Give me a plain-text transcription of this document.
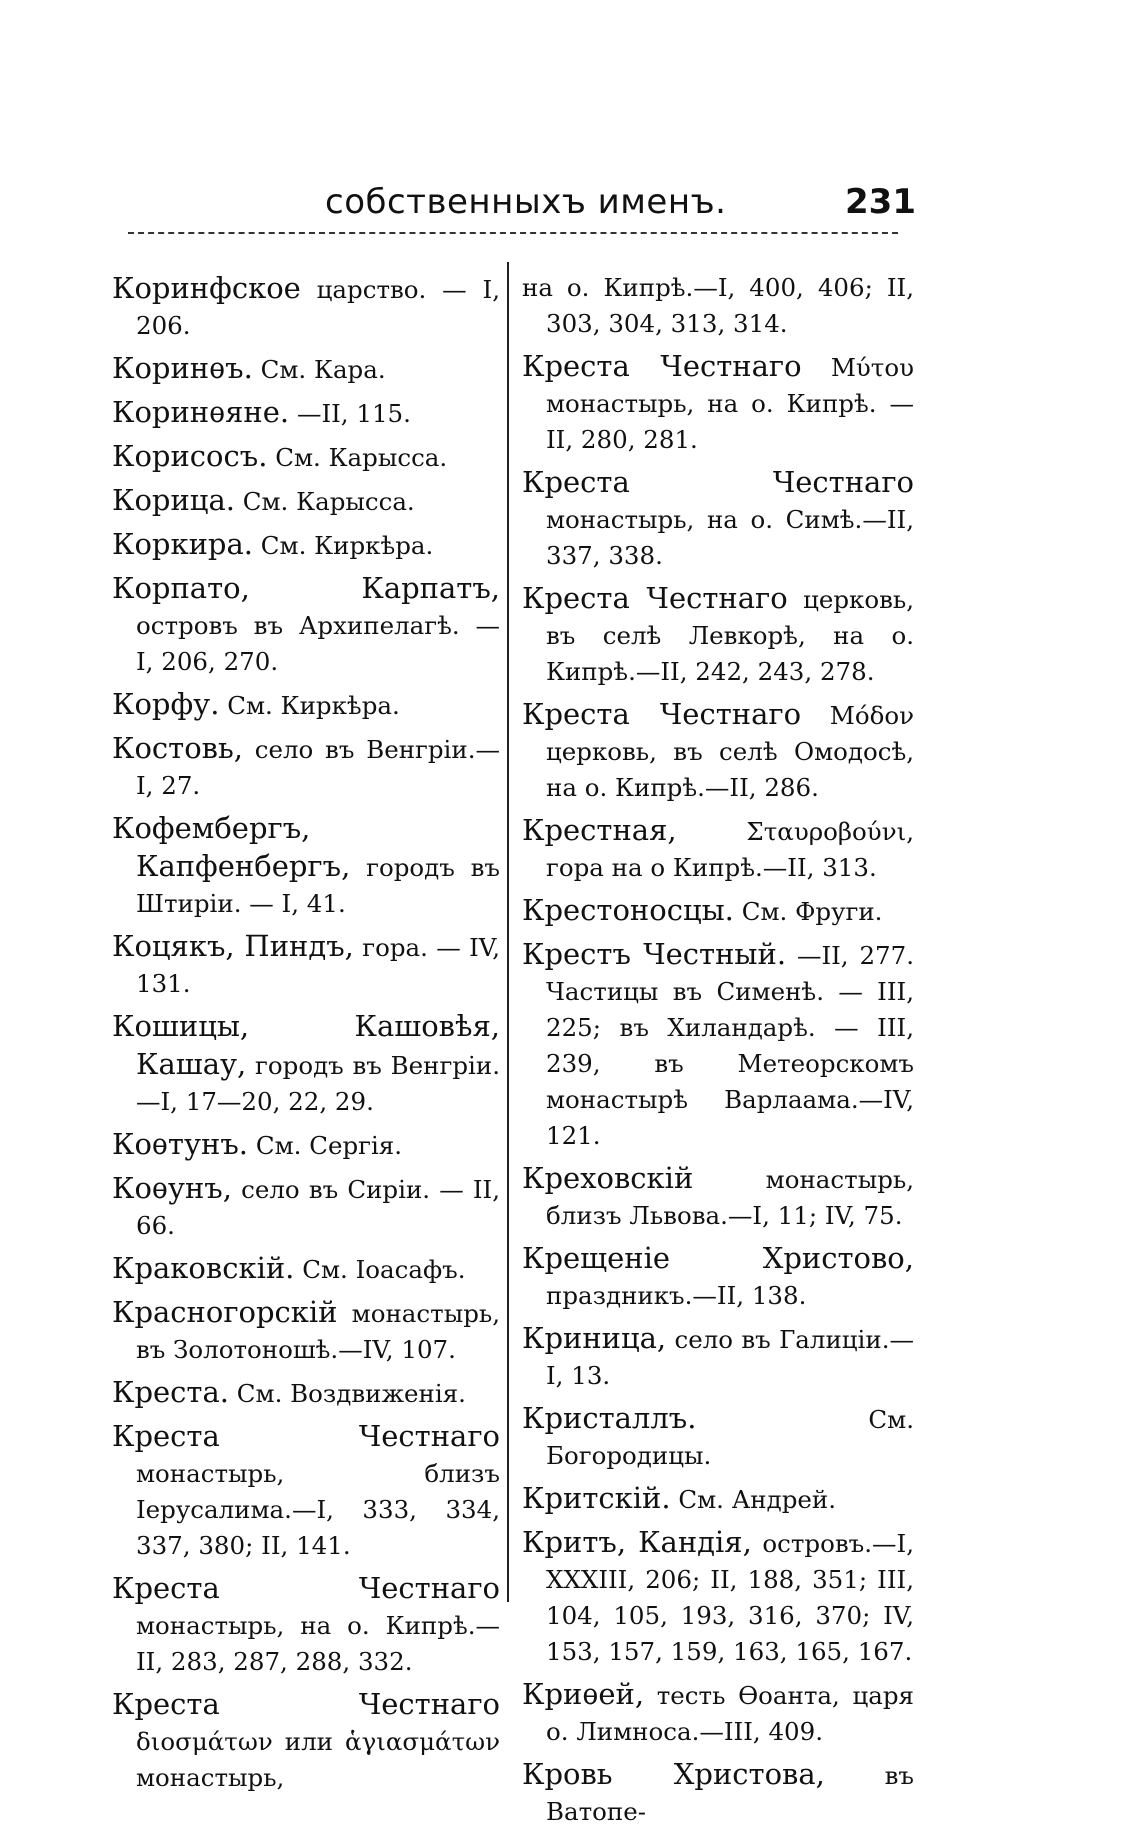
собственныхъ именъ.	231

Коринфское царство. — I, 206.

Коринѳъ. См. Кара.

Коринѳяне. —II, 115.

Корисосъ. См. Карысса.

Корица. См. Карысса.

Коркира. См. Киркѣра.

Корпато, Карпатъ, островъ въ Архипелагѣ. — I, 206, 270.

Корфу. См. Киркѣра.

Костовь, село въ Венгріи.— I, 27.

Кофембергъ, Капфенбергъ, городъ въ Штиріи. — I, 41.

Коцякъ, Пиндъ, гора. — IV, 131.

Кошицы, Кашовѣя, Кашау, городъ въ Венгріи.—I, 17—20, 22, 29.

Коѳтунъ. См. Сергія.

Коѳунъ, село въ Сиріи. — II, 66.

Краковскій. См. Іоасафъ.

Красногорскій монастырь, въ Золотоношѣ.—IV, 107.

Креста. См. Воздвиженія.

Креста Честнаго монастырь, близъ Іерусалима.—I, 333, 334, 337, 380; II, 141.

Креста Честнаго монастырь, на о. Кипрѣ.—II, 283, 287, 288, 332.

Креста Честнаго διοσμάτων или ἁγιασμάτων монастырь,

на о. Кипрѣ.—I, 400, 406; II, 303, 304, 313, 314.

Креста Честнаго Μύτου монастырь, на о. Кипрѣ. — II, 280, 281.

Креста Честнаго монастырь, на о. Симѣ.—II, 337, 338.

Креста Честнаго церковь, въ селѣ Левкорѣ, на о. Кипрѣ.—II, 242, 243, 278.

Креста Честнаго Μόδον церковь, въ селѣ Омодосѣ, на о. Кипрѣ.—II, 286.

Крестная,	Σταυροβούνι, гора на о Кипрѣ.—II, 313.

Крестоносцы. См. Фруги.

Крестъ Честный. —II, 277. Частицы въ Сименѣ. — III, 225; въ Хиландарѣ. — III, 239, въ Метеорскомъ монастырѣ Варлаама.—IV, 121.

Креховскій	монастырь, близъ Львова.—I, 11; IV, 75.

Крещеніе Христово, праздникъ.—II, 138.

Криница, село въ Галиціи.— I, 13.

Кристаллъ.	См. Богородицы.

Критскій. См. Андрей.

Критъ, Кандія, островъ.—I, XXXIII, 206; II, 188, 351; III, 104, 105, 193, 316, 370; IV, 153, 157, 159, 163, 165, 167.

Криѳей, тесть Ѳоанта, царя о. Лимноса.—III, 409.

Кровь Христова, въ Ватопе-
